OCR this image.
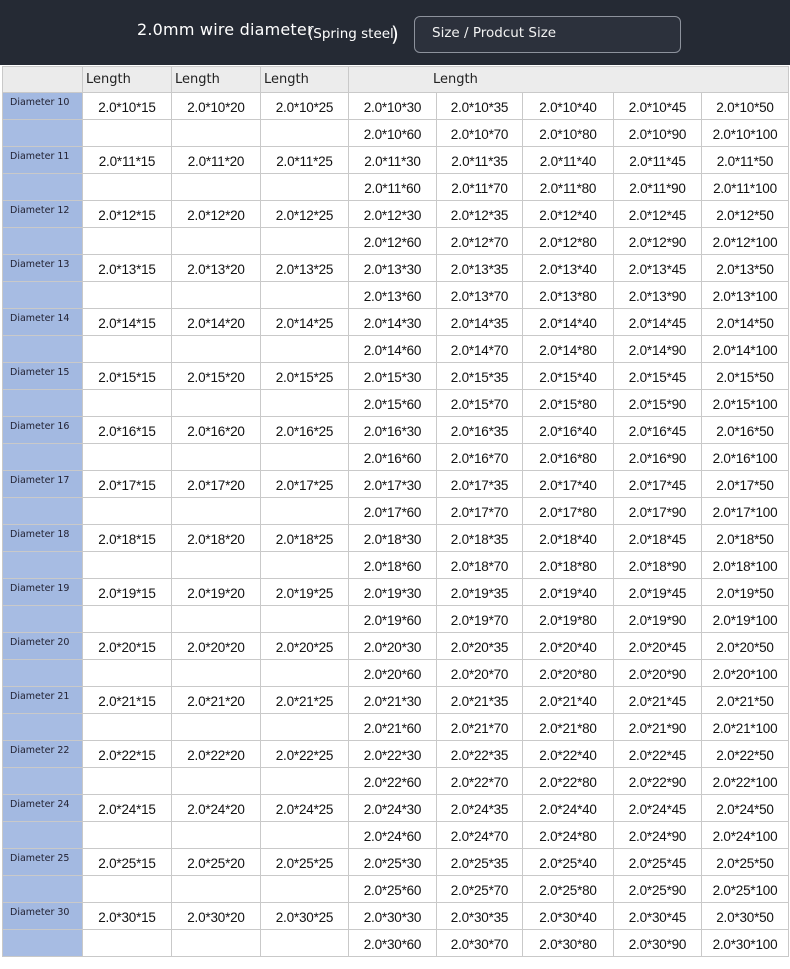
2.0mm wire diameter
(Spring steel
) Size / Prodcut Size
	Length	Length	Length	Length				
Diameter 10	2.0*10*15	2.0*10*20	2.0*10*25	2.0*10*30	2.0*10*35	2.0*10*40	2.0*10*45	2.0*10*50
				2.0*10*60	2.0*10*70	2.0*10*80	2.0*10*90	2.0*10*100
Diameter 11	2.0*11*15	2.0*11*20	2.0*11*25	2.0*11*30	2.0*11*35	2.0*11*40	2.0*11*45	2.0*11*50
				2.0*11*60	2.0*11*70	2.0*11*80	2.0*11*90	2.0*11*100
Diameter 12	2.0*12*15	2.0*12*20	2.0*12*25	2.0*12*30	2.0*12*35	2.0*12*40	2.0*12*45	2.0*12*50
				2.0*12*60	2.0*12*70	2.0*12*80	2.0*12*90	2.0*12*100
Diameter 13	2.0*13*15	2.0*13*20	2.0*13*25	2.0*13*30	2.0*13*35	2.0*13*40	2.0*13*45	2.0*13*50
				2.0*13*60	2.0*13*70	2.0*13*80	2.0*13*90	2.0*13*100
Diameter 14	2.0*14*15	2.0*14*20	2.0*14*25	2.0*14*30	2.0*14*35	2.0*14*40	2.0*14*45	2.0*14*50
				2.0*14*60	2.0*14*70	2.0*14*80	2.0*14*90	2.0*14*100
Diameter 15	2.0*15*15	2.0*15*20	2.0*15*25	2.0*15*30	2.0*15*35	2.0*15*40	2.0*15*45	2.0*15*50
				2.0*15*60	2.0*15*70	2.0*15*80	2.0*15*90	2.0*15*100
Diameter 16	2.0*16*15	2.0*16*20	2.0*16*25	2.0*16*30	2.0*16*35	2.0*16*40	2.0*16*45	2.0*16*50
				2.0*16*60	2.0*16*70	2.0*16*80	2.0*16*90	2.0*16*100
Diameter 17	2.0*17*15	2.0*17*20	2.0*17*25	2.0*17*30	2.0*17*35	2.0*17*40	2.0*17*45	2.0*17*50
				2.0*17*60	2.0*17*70	2.0*17*80	2.0*17*90	2.0*17*100
Diameter 18	2.0*18*15	2.0*18*20	2.0*18*25	2.0*18*30	2.0*18*35	2.0*18*40	2.0*18*45	2.0*18*50
				2.0*18*60	2.0*18*70	2.0*18*80	2.0*18*90	2.0*18*100
Diameter 19	2.0*19*15	2.0*19*20	2.0*19*25	2.0*19*30	2.0*19*35	2.0*19*40	2.0*19*45	2.0*19*50
				2.0*19*60	2.0*19*70	2.0*19*80	2.0*19*90	2.0*19*100
Diameter 20	2.0*20*15	2.0*20*20	2.0*20*25	2.0*20*30	2.0*20*35	2.0*20*40	2.0*20*45	2.0*20*50
				2.0*20*60	2.0*20*70	2.0*20*80	2.0*20*90	2.0*20*100
Diameter 21	2.0*21*15	2.0*21*20	2.0*21*25	2.0*21*30	2.0*21*35	2.0*21*40	2.0*21*45	2.0*21*50
				2.0*21*60	2.0*21*70	2.0*21*80	2.0*21*90	2.0*21*100
Diameter 22	2.0*22*15	2.0*22*20	2.0*22*25	2.0*22*30	2.0*22*35	2.0*22*40	2.0*22*45	2.0*22*50
				2.0*22*60	2.0*22*70	2.0*22*80	2.0*22*90	2.0*22*100
Diameter 24	2.0*24*15	2.0*24*20	2.0*24*25	2.0*24*30	2.0*24*35	2.0*24*40	2.0*24*45	2.0*24*50
				2.0*24*60	2.0*24*70	2.0*24*80	2.0*24*90	2.0*24*100
Diameter 25	2.0*25*15	2.0*25*20	2.0*25*25	2.0*25*30	2.0*25*35	2.0*25*40	2.0*25*45	2.0*25*50
				2.0*25*60	2.0*25*70	2.0*25*80	2.0*25*90	2.0*25*100
Diameter 30	2.0*30*15	2.0*30*20	2.0*30*25	2.0*30*30	2.0*30*35	2.0*30*40	2.0*30*45	2.0*30*50
				2.0*30*60	2.0*30*70	2.0*30*80	2.0*30*90	2.0*30*100
